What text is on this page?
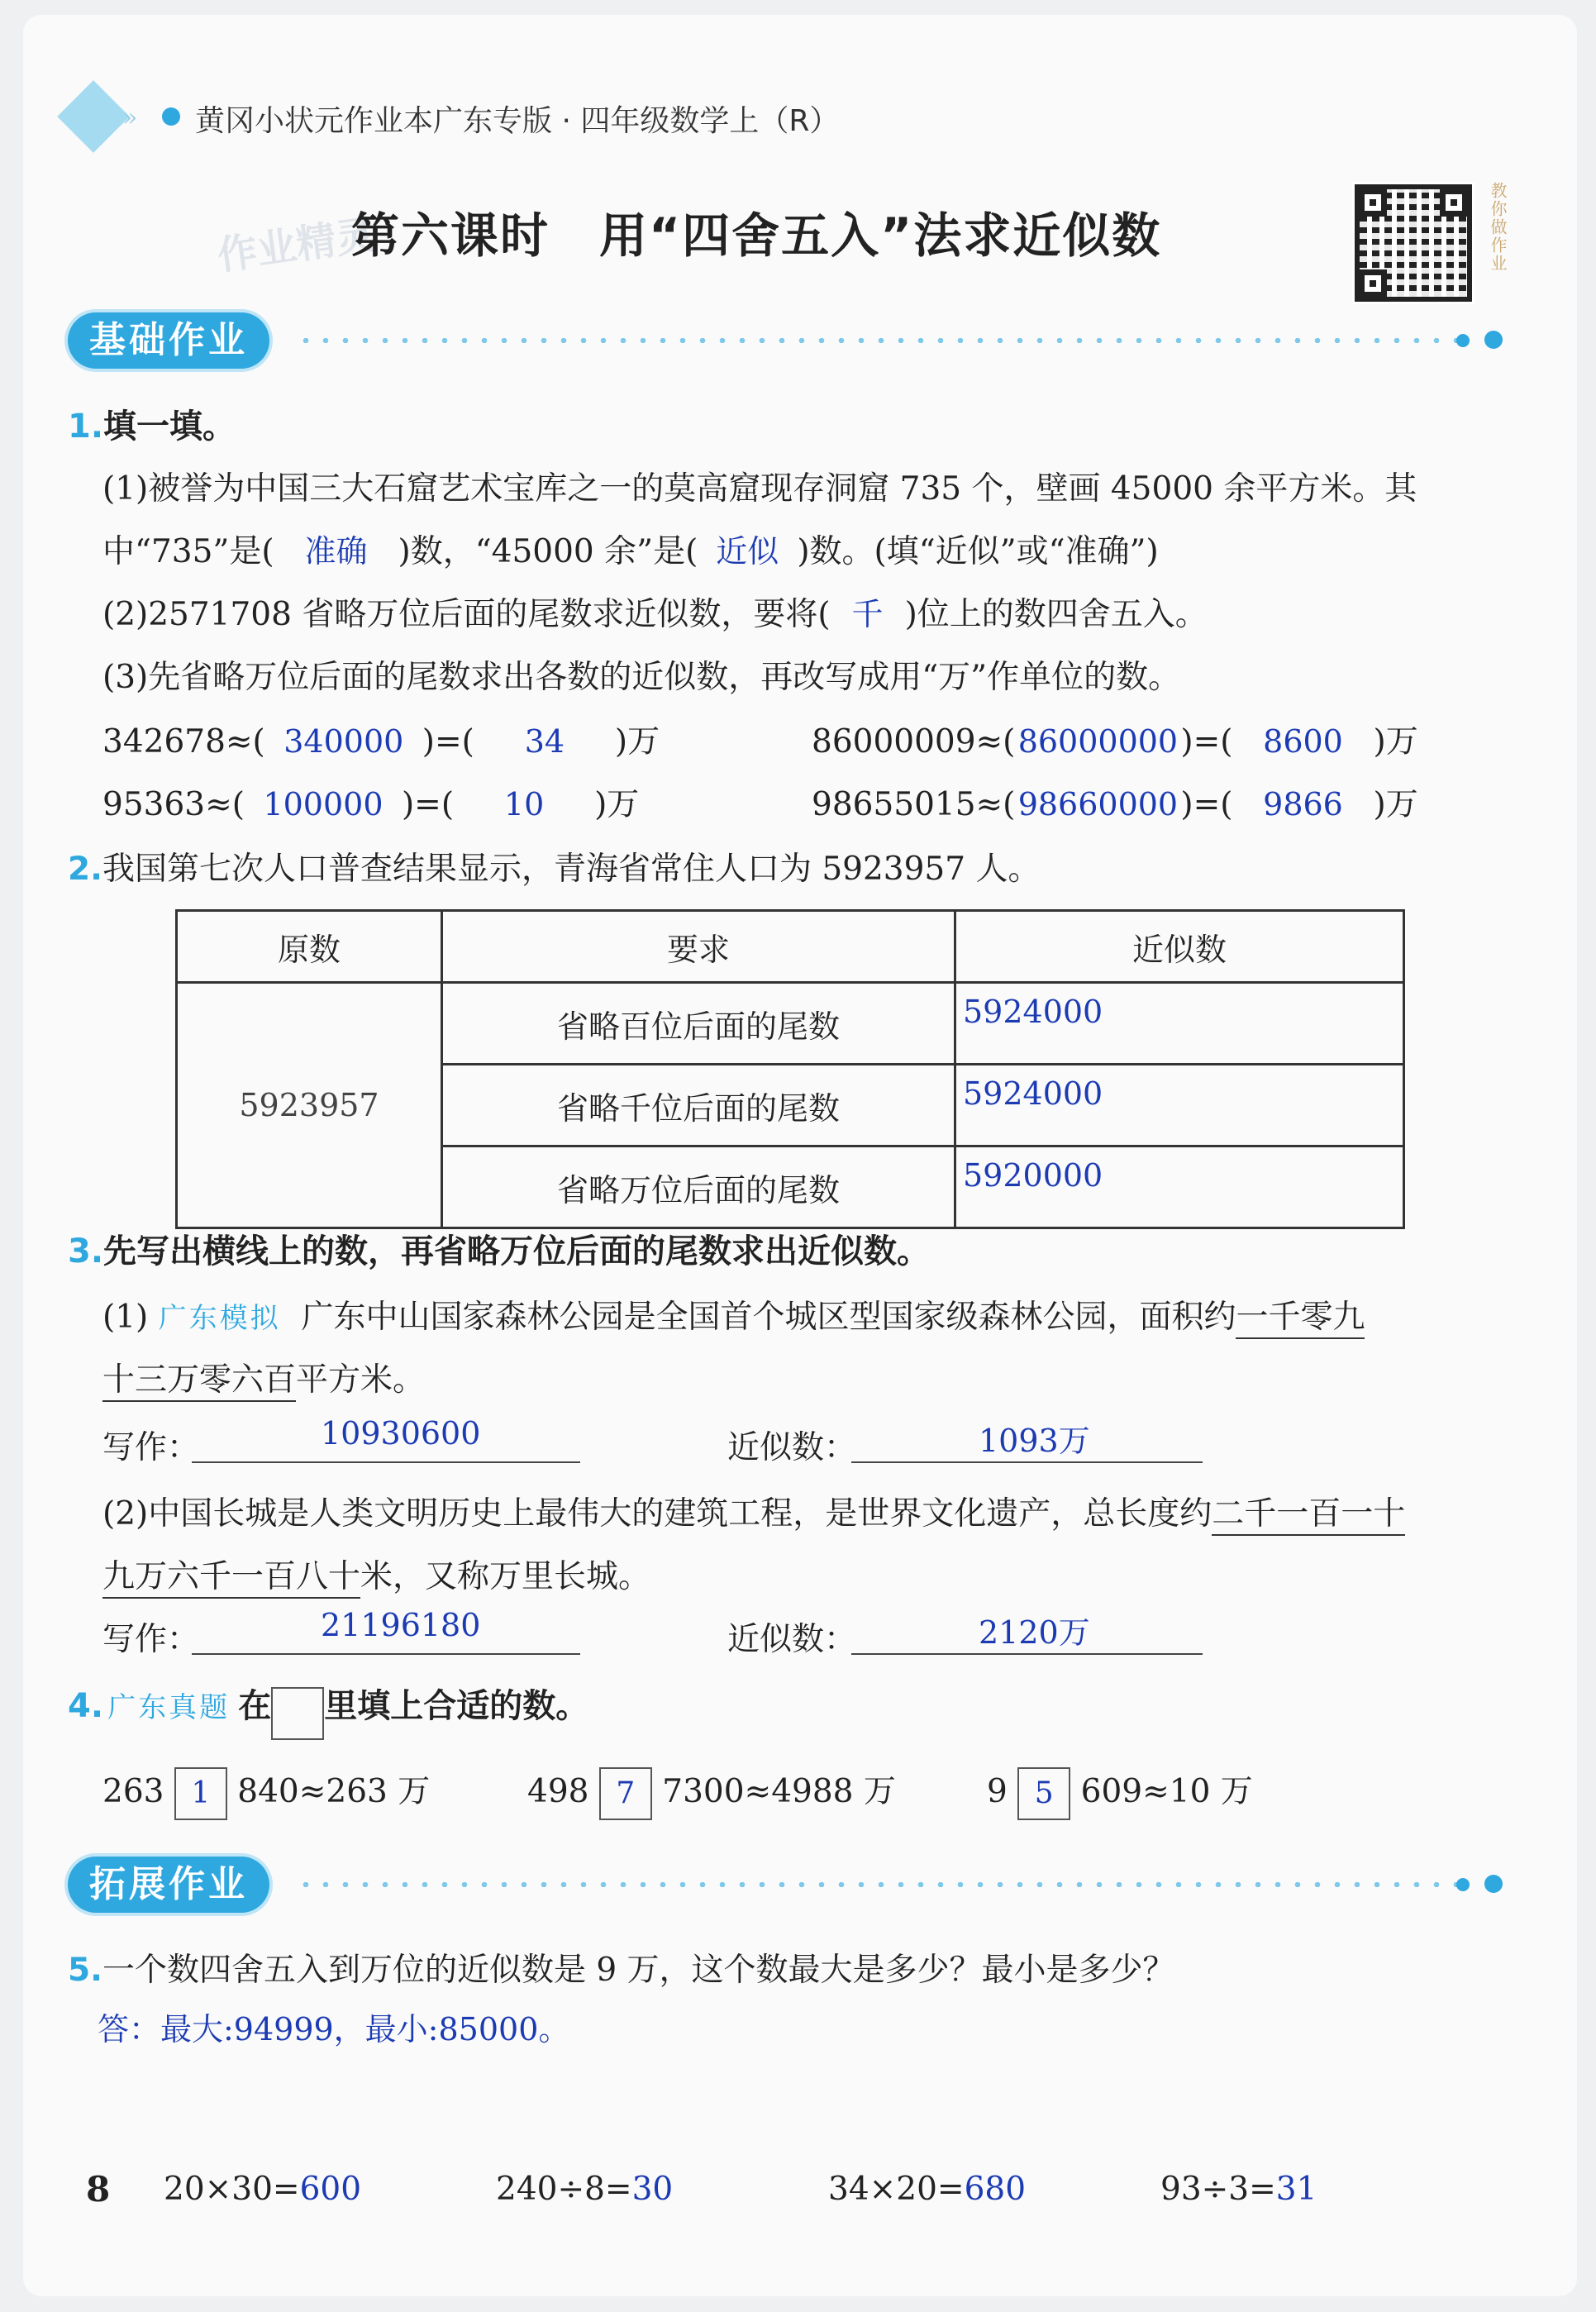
» 黄冈小状元作业本广东专版 · 四年级数学上（R）
作业精灵
第六课时　用“四舍五入”法求近似数	教你做作业
基础作业
1.填一填。
(1)被誉为中国三大石窟艺术宝库之一的莫高窟现存洞窟 735 个，壁画 45000 余平方米。其
中“735”是( 准确 )数，“45000 余”是( 近似 )数。(填“近似”或“准确”)
(2)2571708 省略万位后面的尾数求近似数，要将( 千 )位上的数四舍五入。
(3)先省略万位后面的尾数求出各数的近似数，再改写成用“万”作单位的数。
342678≈( 340000 )=( 34 )万	86000009≈(86000000)=( 8600 )万
95363≈( 100000 )=( 10 )万	98655015≈(98660000)=( 9866 )万
2.我国第七次人口普查结果显示，青海省常住人口为 5923957 人。
原数	要求	近似数
5923957	省略百位后面的尾数	5924000
	省略千位后面的尾数	5924000
	省略万位后面的尾数	5920000
3.先写出横线上的数，再省略万位后面的尾数求出近似数。
(1) 广东模拟 广东中山国家森林公园是全国首个城区型国家级森林公园，面积约一千零九
十三万零六百平方米。
写作：	10930600	近似数：	1093万
(2)中国长城是人类文明历史上最伟大的建筑工程，是世界文化遗产，总长度约二千一百一十
九万六千一百八十米，又称万里长城。
写作：	21196180	近似数：	2120万
4. 广东真题 在 里填上合适的数。
263 1 840≈263 万	498 7 7300≈4988 万	9 5 609≈10 万
拓展作业
5.一个数四舍五入到万位的近似数是 9 万，这个数最大是多少？最小是多少？
答：最大:94999，最小:85000。
8 20×30=600	240÷8=30	34×20=680	93÷3=31
